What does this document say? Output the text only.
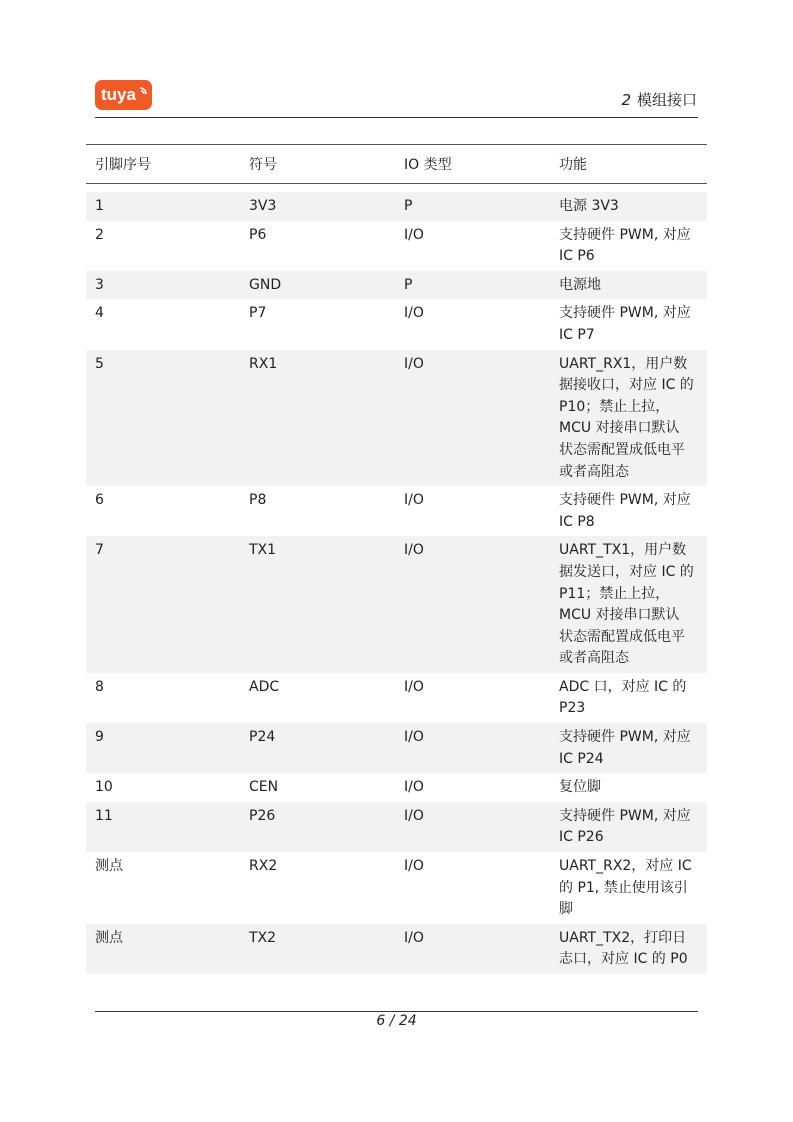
tuya	2 模组接口
引脚序号	符号	IO 类型	功能
1	3V3	P	电源 3V3
2	P6	I/O	支持硬件 PWM, 对应
IC P6
3	GND	P	电源地
4	P7	I/O	支持硬件 PWM, 对应
IC P7
5	RX1	I/O	UART_RX1，用户数
据接收口，对应 IC 的
P10；禁止上拉，
MCU 对接串口默认
状态需配置成低电平
或者高阻态
6	P8	I/O	支持硬件 PWM, 对应
IC P8
7	TX1	I/O	UART_TX1，用户数
据发送口，对应 IC 的
P11；禁止上拉，
MCU 对接串口默认
状态需配置成低电平
或者高阻态
8	ADC	I/O	ADC 口，对应 IC 的
P23
9	P24	I/O	支持硬件 PWM, 对应
IC P24
10	CEN	I/O	复位脚
11	P26	I/O	支持硬件 PWM, 对应
IC P26
测点	RX2	I/O	UART_RX2，对应 IC
的 P1, 禁止使用该引
脚
测点	TX2	I/O	UART_TX2，打印日
志口，对应 IC 的 P0
6 / 24
